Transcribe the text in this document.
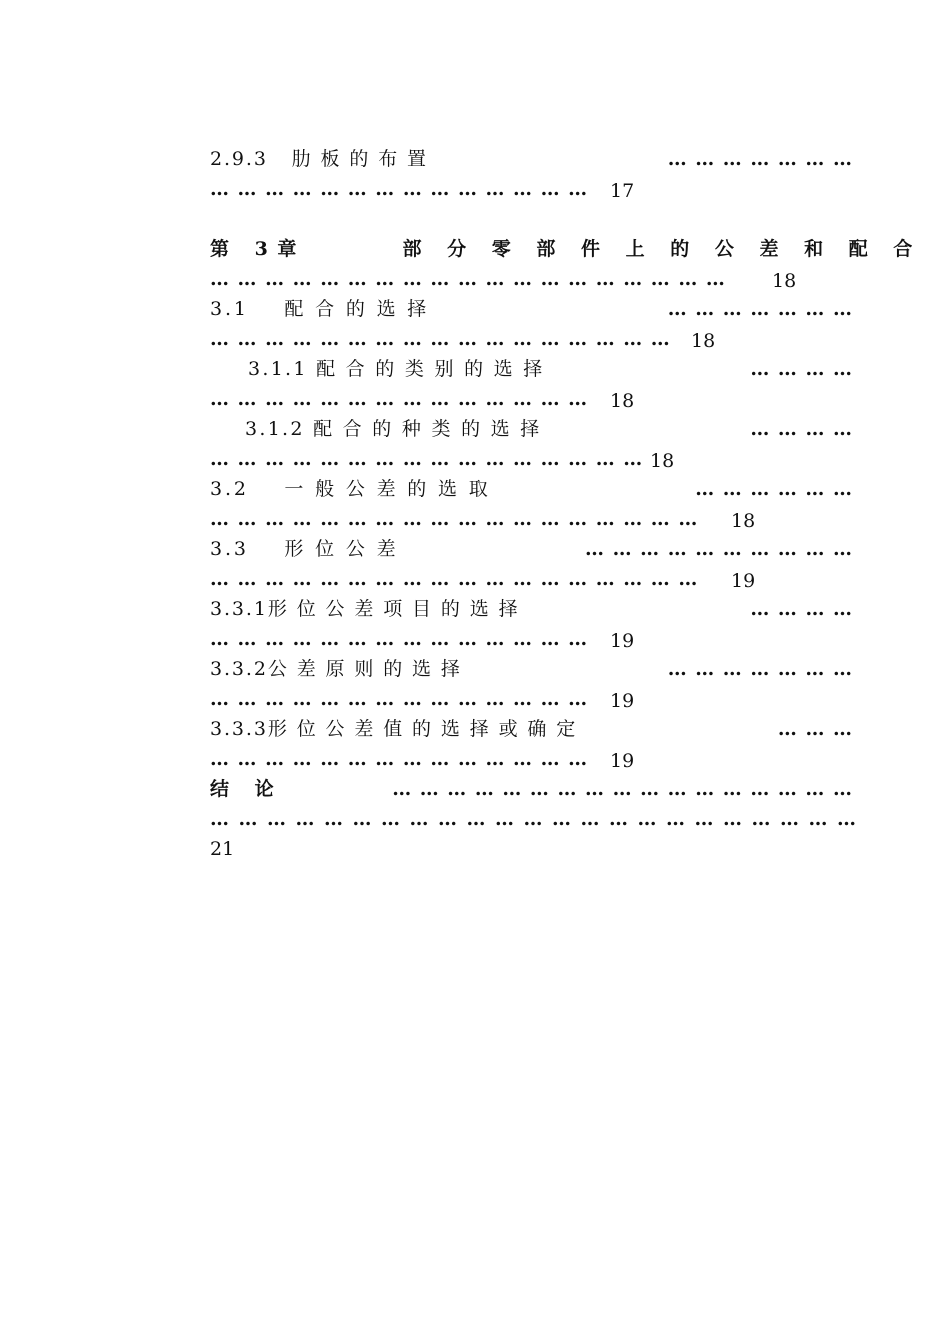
2.9.3 肋 板 的 布 置	…………………
…………………………………… 17
第 3章	部 分 零 部 件 上 的 公 差 和 配 合
………………………………………………… 18
3.1 配 合 的 选 择	…………………
…………………………………………… 18
3.1.1 配 合 的 类 别 的 选 择	…………
…………………………………… 18
3.1.2 配 合 的 种 类 的 选 择	…………
………………………………………… 18
3.2 一 般 公 差 的 选 取	………………
……………………………………………… 18
3.3 形 位 公 差	…………………………
……………………………………………… 19
3.3.1形 位 公 差 项 目 的 选 择	…………
…………………………………… 19
3.3.2公 差 原 则 的 选 择	…………………
…………………………………… 19
3.3.3形 位 公 差 值 的 选 择 或 确 定	………
…………………………………… 19
结 论	……………………………………………
……………………………………………………………
21
